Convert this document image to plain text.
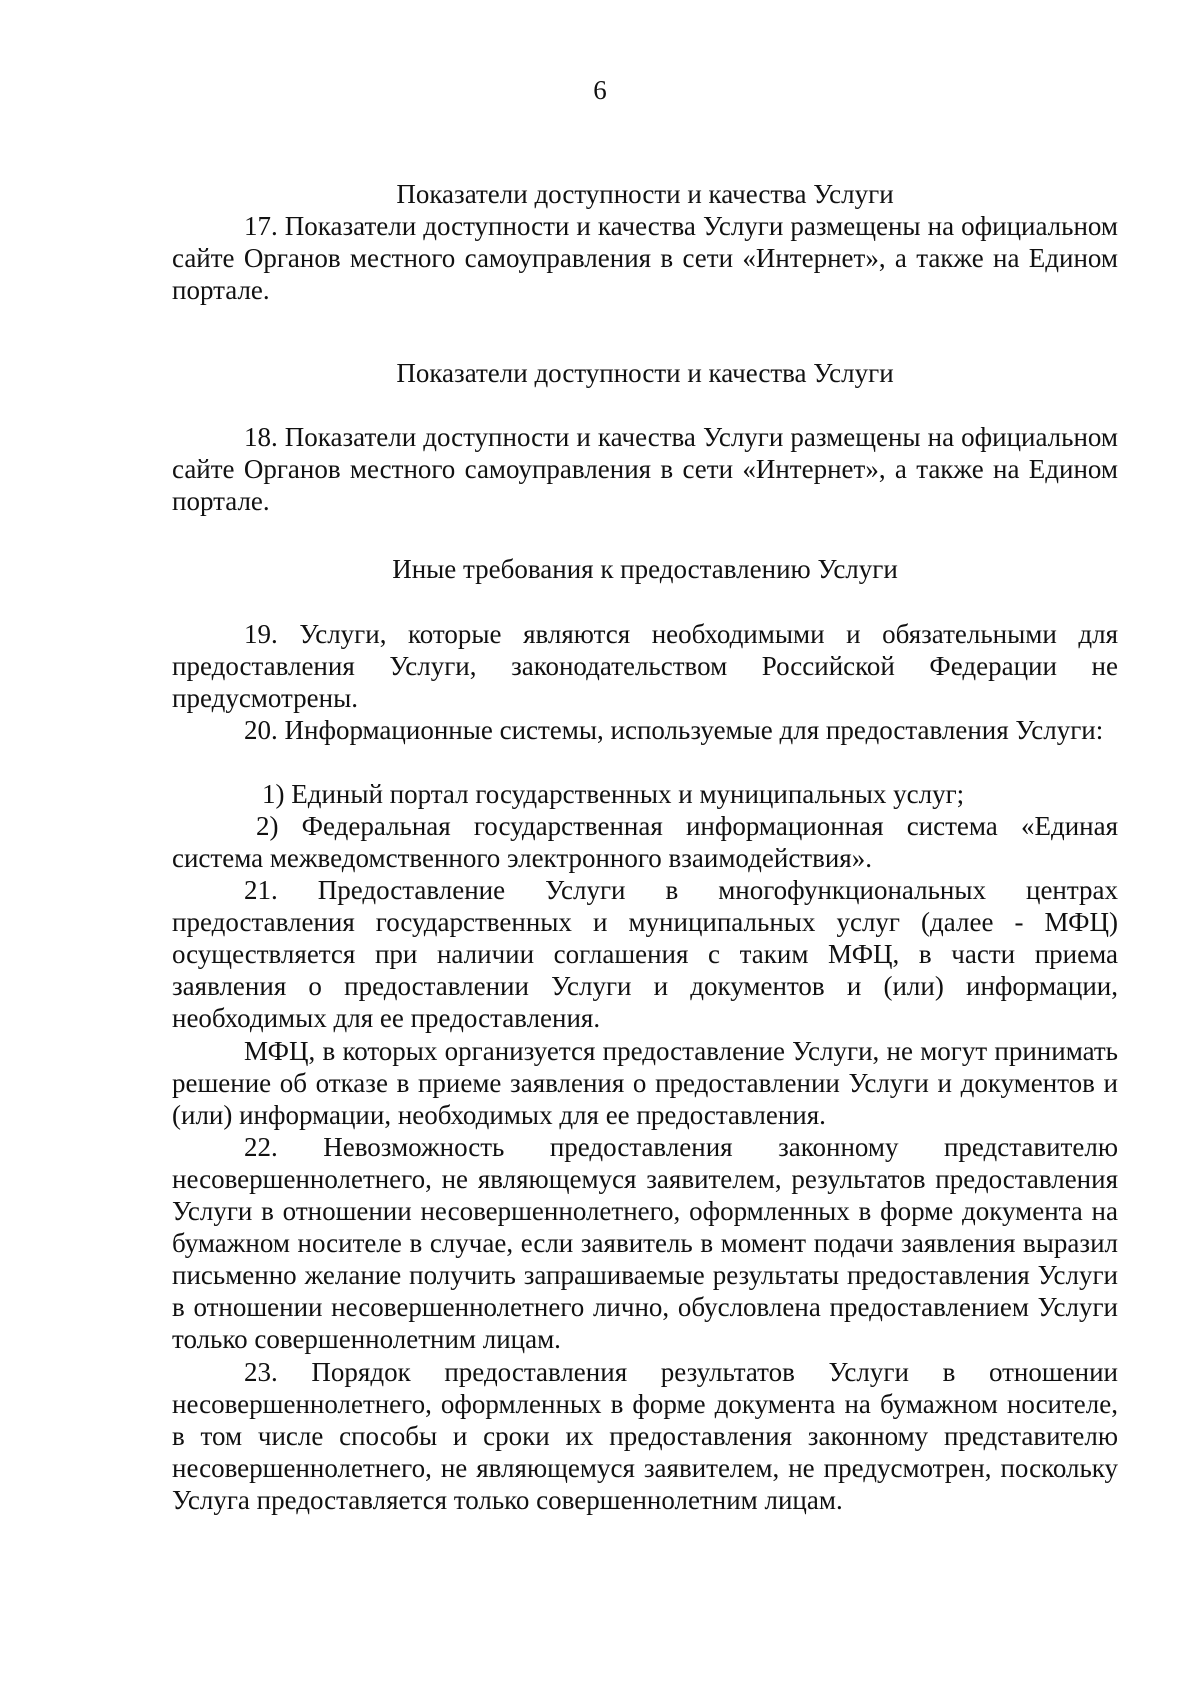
6
Показатели доступности и качества Услуги

17. Показатели доступности и качества Услуги размещены на официальном сайте Органов местного самоуправления в сети «Интернет», а также на Едином портале.

Показатели доступности и качества Услуги

18. Показатели доступности и качества Услуги размещены на официальном сайте Органов местного самоуправления в сети «Интернет», а также на Едином портале.

Иные требования к предоставлению Услуги

19. Услуги, которые являются необходимыми и обязательными для предоставления Услуги, законодательством Российской Федерации не предусмотрены.

20. Информационные системы, используемые для предоставления Услуги:

1) Единый портал государственных и муниципальных услуг;

2) Федеральная государственная информационная система «Единая система межведомственного электронного взаимодействия».

21. Предоставление Услуги в многофункциональных центрах предоставления государственных и муниципальных услуг (далее - МФЦ) осуществляется при наличии соглашения с таким МФЦ, в части приема заявления о предоставлении Услуги и документов и (или) информации, необходимых для ее предоставления.

МФЦ, в которых организуется предоставление Услуги, не могут принимать решение об отказе в приеме заявления о предоставлении Услуги и документов и (или) информации, необходимых для ее предоставления.

22. Невозможность предоставления законному представителю несовершеннолетнего, не являющемуся заявителем, результатов предоставления Услуги в отношении несовершеннолетнего, оформленных в форме документа на бумажном носителе в случае, если заявитель в момент подачи заявления выразил письменно желание получить запрашиваемые результаты предоставления Услуги в отношении несовершеннолетнего лично, обусловлена предоставлением Услуги только совершеннолетним лицам.

23. Порядок предоставления результатов Услуги в отношении несовершеннолетнего, оформленных в форме документа на бумажном носителе, в том числе способы и сроки их предоставления законному представителю несовершеннолетнего, не являющемуся заявителем, не предусмотрен, поскольку Услуга предоставляется только совершеннолетним лицам.
